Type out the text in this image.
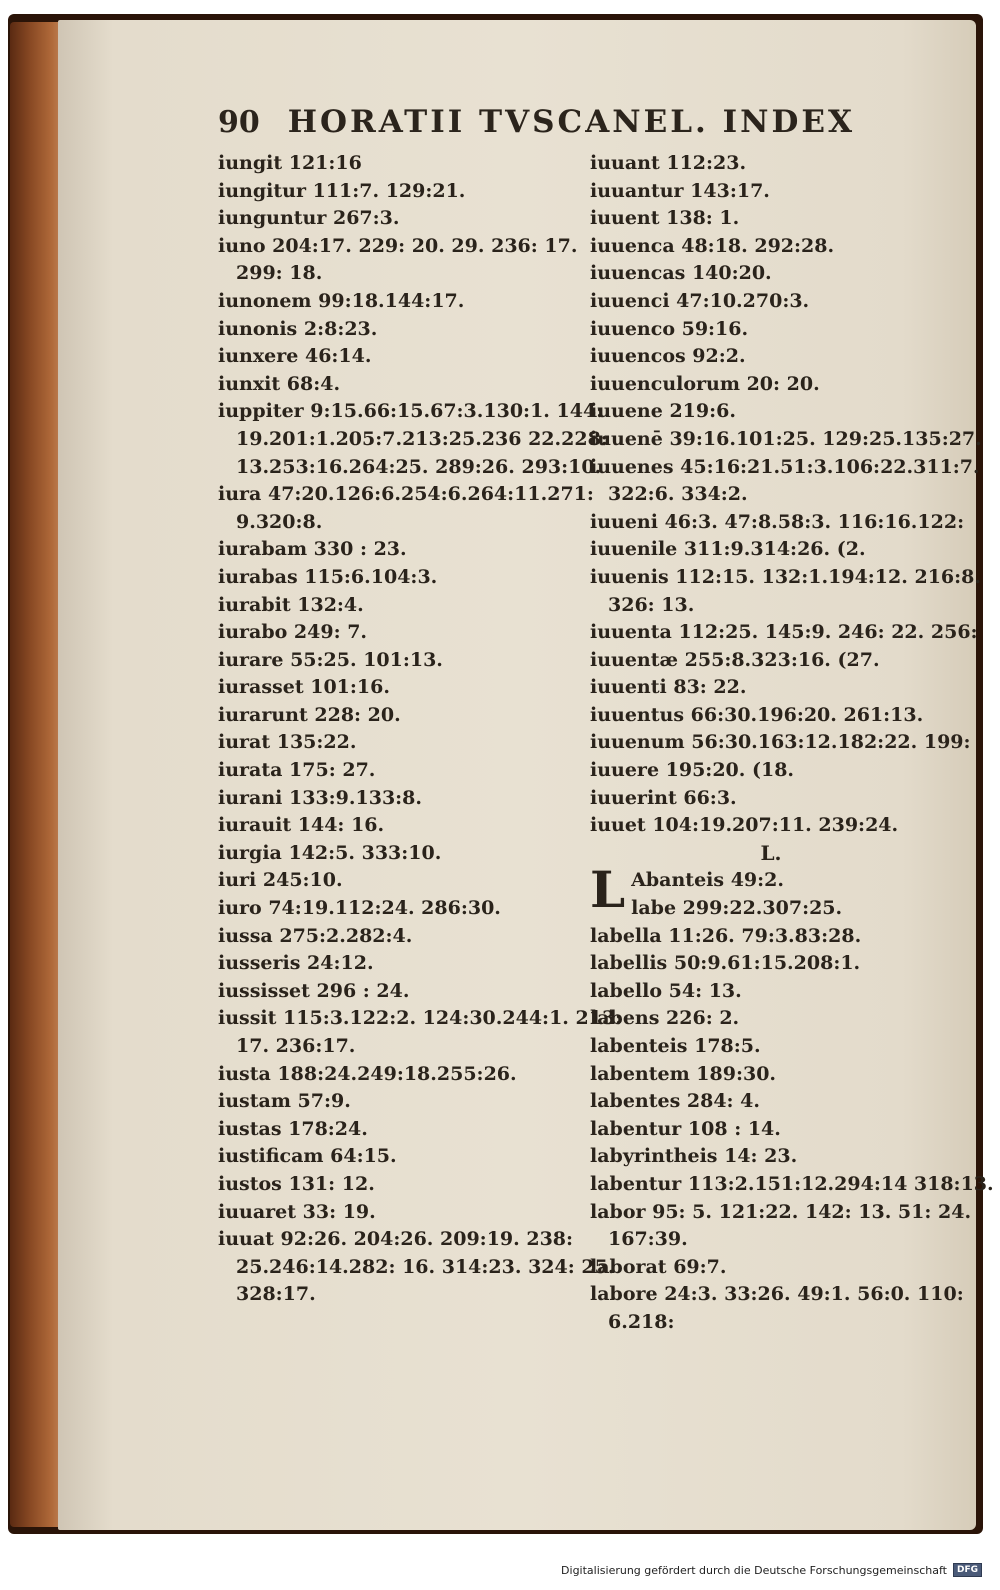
90 HORATII TVSCANEL. INDEX
iungit 121:16
iungitur 111:7. 129:21.
iunguntur 267:3.
iuno 204:17. 229: 20. 29. 236: 17.
299: 18.
iunonem 99:18.144:17.
iunonis 2:8:23.
iunxere 46:14.
iunxit 68:4.
iuppiter 9:15.66:15.67:3.130:1. 144:
19.201:1.205:7.213:25.236 22.228:
13.253:16.264:25. 289:26. 293:10.
iura 47:20.126:6.254:6.264:11.271:
9.320:8.
iurabam 330 : 23.
iurabas 115:6.104:3.
iurabit 132:4.
iurabo 249: 7.
iurare 55:25. 101:13.
iurasset 101:16.
iurarunt 228: 20.
iurat 135:22.
iurata 175: 27.
iurani 133:9.133:8.
iurauit 144: 16.
iurgia 142:5. 333:10.
iuri 245:10.
iuro 74:19.112:24. 286:30.
iussa 275:2.282:4.
iusseris 24:12.
iussisset 296 : 24.
iussit 115:3.122:2. 124:30.244:1. 213:
17. 236:17.
iusta 188:24.249:18.255:26.
iustam 57:9.
iustas 178:24.
iustificam 64:15.
iustos 131: 12.
iuuaret 33: 19.
iuuat 92:26. 204:26. 209:19. 238:
25.246:14.282: 16. 314:23. 324: 25.
328:17.
iuuant 112:23.
iuuantur 143:17.
iuuent 138: 1.
iuuenca 48:18. 292:28.
iuuencas 140:20.
iuuenci 47:10.270:3.
iuuenco 59:16.
iuuencos 92:2.
iuuenculorum 20: 20.
iuuene 219:6.
iuuenē 39:16.101:25. 129:25.135:27.
iuuenes 45:16:21.51:3.106:22.311:7.
322:6. 334:2.
iuueni 46:3. 47:8.58:3. 116:16.122:
iuuenile 311:9.314:26. (2.
iuuenis 112:15. 132:1.194:12. 216:8.
326: 13.
iuuenta 112:25. 145:9. 246: 22. 256:
iuuentæ 255:8.323:16. (27.
iuuenti 83: 22.
iuuentus 66:30.196:20. 261:13.
iuuenum 56:30.163:12.182:22. 199:
iuuere 195:20. (18.
iuuerint 66:3.
iuuet 104:19.207:11. 239:24.
L.
L Abanteis 49:2.
labe 299:22.307:25.
labella 11:26. 79:3.83:28.
labellis 50:9.61:15.208:1.
labello 54: 13.
labens 226: 2.
labenteis 178:5.
labentem 189:30.
labentes 284: 4.
labentur 108 : 14.
labyrintheis 14: 23.
labentur 113:2.151:12.294:14 318:13.
labor 95: 5. 121:22. 142: 13. 51: 24.
167:39.
laborat 69:7.
labore 24:3. 33:26. 49:1. 56:0. 110:
6.218:
Digitalisierung gefördert durch die Deutsche Forschungsgemeinschaft	DFG
